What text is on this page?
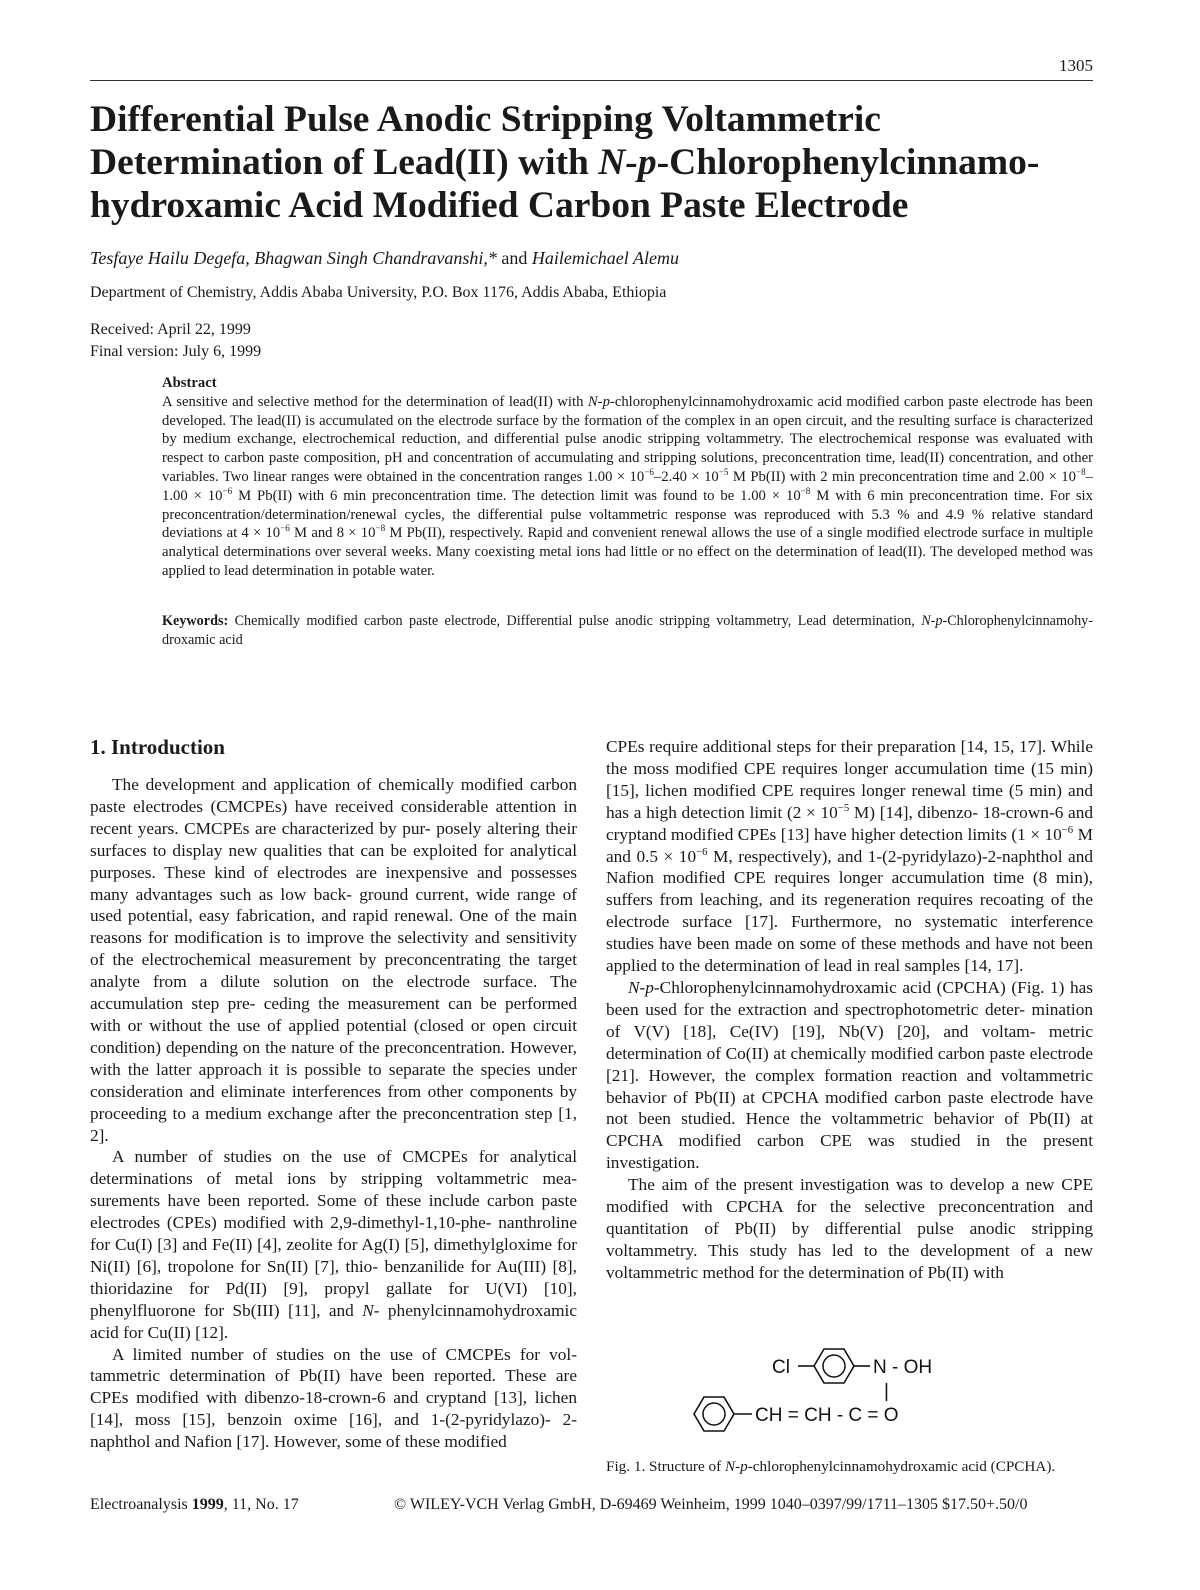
1305
Differential Pulse Anodic Stripping Voltammetric Determination of Lead(II) with N-p-Chlorophenylcinnamo- hydroxamic Acid Modified Carbon Paste Electrode
Tesfaye Hailu Degefa, Bhagwan Singh Chandravanshi,* and Hailemichael Alemu
Department of Chemistry, Addis Ababa University, P.O. Box 1176, Addis Ababa, Ethiopia
Received: April 22, 1999
Final version: July 6, 1999
Abstract
A sensitive and selective method for the determination of lead(II) with N-p-chlorophenylcinnamohydroxamic acid modified carbon paste electrode has been developed. The lead(II) is accumulated on the electrode surface by the formation of the complex in an open circuit, and the resulting surface is characterized by medium exchange, electrochemical reduction, and differential pulse anodic stripping voltammetry. The electrochemical response was evaluated with respect to carbon paste composition, pH and concentration of accumulating and stripping solutions, preconcentration time, lead(II) concentration, and other variables. Two linear ranges were obtained in the concentration ranges $1.00 \times 10^{-6}-2.40 \times 10^{-5}$ M Pb(II) with 2 min preconcentration time and $2.00 \times 10^{-8}-1.00 \times 10^{-6}$ M Pb(II) with 6 min preconcentration time. The detection limit was found to be $1.00 \times 10^{-8}$ M with 6 min preconcentration time. For six preconcentration/determination/renewal cycles, the differential pulse voltammetric response was reproduced with 5.3 % and 4.9 % relative standard deviations at $4 \times 10^{-6}$ M and $8 \times 10^{-8}$ M Pb(II), respectively. Rapid and convenient renewal allows the use of a single modified electrode surface in multiple analytical determinations over several weeks. Many coexisting metal ions had little or no effect on the determination of lead(II). The developed method was applied to lead determination in potable water.
Keywords: Chemically modified carbon paste electrode, Differential pulse anodic stripping voltammetry, Lead determination, N-p-Chlorophenylcinnamohy- droxamic acid
1. Introduction

The development and application of chemically modified carbon paste electrodes (CMCPEs) have received considerable attention in recent years. CMCPEs are characterized by pur- posely altering their surfaces to display new qualities that can be exploited for analytical purposes. These kind of electrodes are inexpensive and possesses many advantages such as low back- ground current, wide range of used potential, easy fabrication, and rapid renewal. One of the main reasons for modification is to improve the selectivity and sensitivity of the electrochemical measurement by preconcentrating the target analyte from a dilute solution on the electrode surface. The accumulation step pre- ceding the measurement can be performed with or without the use of applied potential (closed or open circuit condition) depending on the nature of the preconcentration. However, with the latter approach it is possible to separate the species under consideration and eliminate interferences from other components by proceeding to a medium exchange after the preconcentration step [1, 2].

A number of studies on the use of CMCPEs for analytical determinations of metal ions by stripping voltammetric mea- surements have been reported. Some of these include carbon paste electrodes (CPEs) modified with 2,9-dimethyl-1,10-phe- nanthroline for Cu(I) [3] and Fe(II) [4], zeolite for Ag(I) [5], dimethylgloxime for Ni(II) [6], tropolone for Sn(II) [7], thio- benzanilide for Au(III) [8], thioridazine for Pd(II) [9], propyl gallate for U(VI) [10], phenylfluorone for Sb(III) [11], and N- phenylcinnamohydroxamic acid for Cu(II) [12].

A limited number of studies on the use of CMCPEs for vol- tammetric determination of Pb(II) have been reported. These are CPEs modified with dibenzo-18-crown-6 and cryptand [13], lichen [14], moss [15], benzoin oxime [16], and 1-(2-pyridylazo)- 2-naphthol and Nafion [17]. However, some of these modified

CPEs require additional steps for their preparation [14, 15, 17]. While the moss modified CPE requires longer accumulation time (15 min) [15], lichen modified CPE requires longer renewal time (5 min) and has a high detection limit ($2 \times 10^{-5}$ M) [14], dibenzo- 18-crown-6 and cryptand modified CPEs [13] have higher detection limits ($1 \times 10^{-6}$ M and $0.5 \times 10^{-6}$ M, respectively), and 1-(2-pyridylazo)-2-naphthol and Nafion modified CPE requires longer accumulation time (8 min), suffers from leaching, and its regeneration requires recoating of the electrode surface [17]. Furthermore, no systematic interference studies have been made on some of these methods and have not been applied to the determination of lead in real samples [14, 17].

N-p-Chlorophenylcinnamohydroxamic acid (CPCHA) (Fig. 1) has been used for the extraction and spectrophotometric deter- mination of V(V) [18], Ce(IV) [19], Nb(V) [20], and voltam- metric determination of Co(II) at chemically modified carbon paste electrode [21]. However, the complex formation reaction and voltammetric behavior of Pb(II) at CPCHA modified carbon paste electrode have not been studied. Hence the voltammetric behavior of Pb(II) at CPCHA modified carbon CPE was studied in the present investigation.

The aim of the present investigation was to develop a new CPE modified with CPCHA for the selective preconcentration and quantitation of Pb(II) by differential pulse anodic stripping voltammetry. This study has led to the development of a new voltammetric method for the determination of Pb(II) with

Cl	N - OH
|
CH = CH - C = O
Fig. 1. Structure of N-p-chlorophenylcinnamohydroxamic acid (CPCHA).
Electroanalysis 1999, 11, No. 17	© WILEY-VCH Verlag GmbH, D-69469 Weinheim, 1999 1040–0397/99/1711–1305 $17.50+.50/0
